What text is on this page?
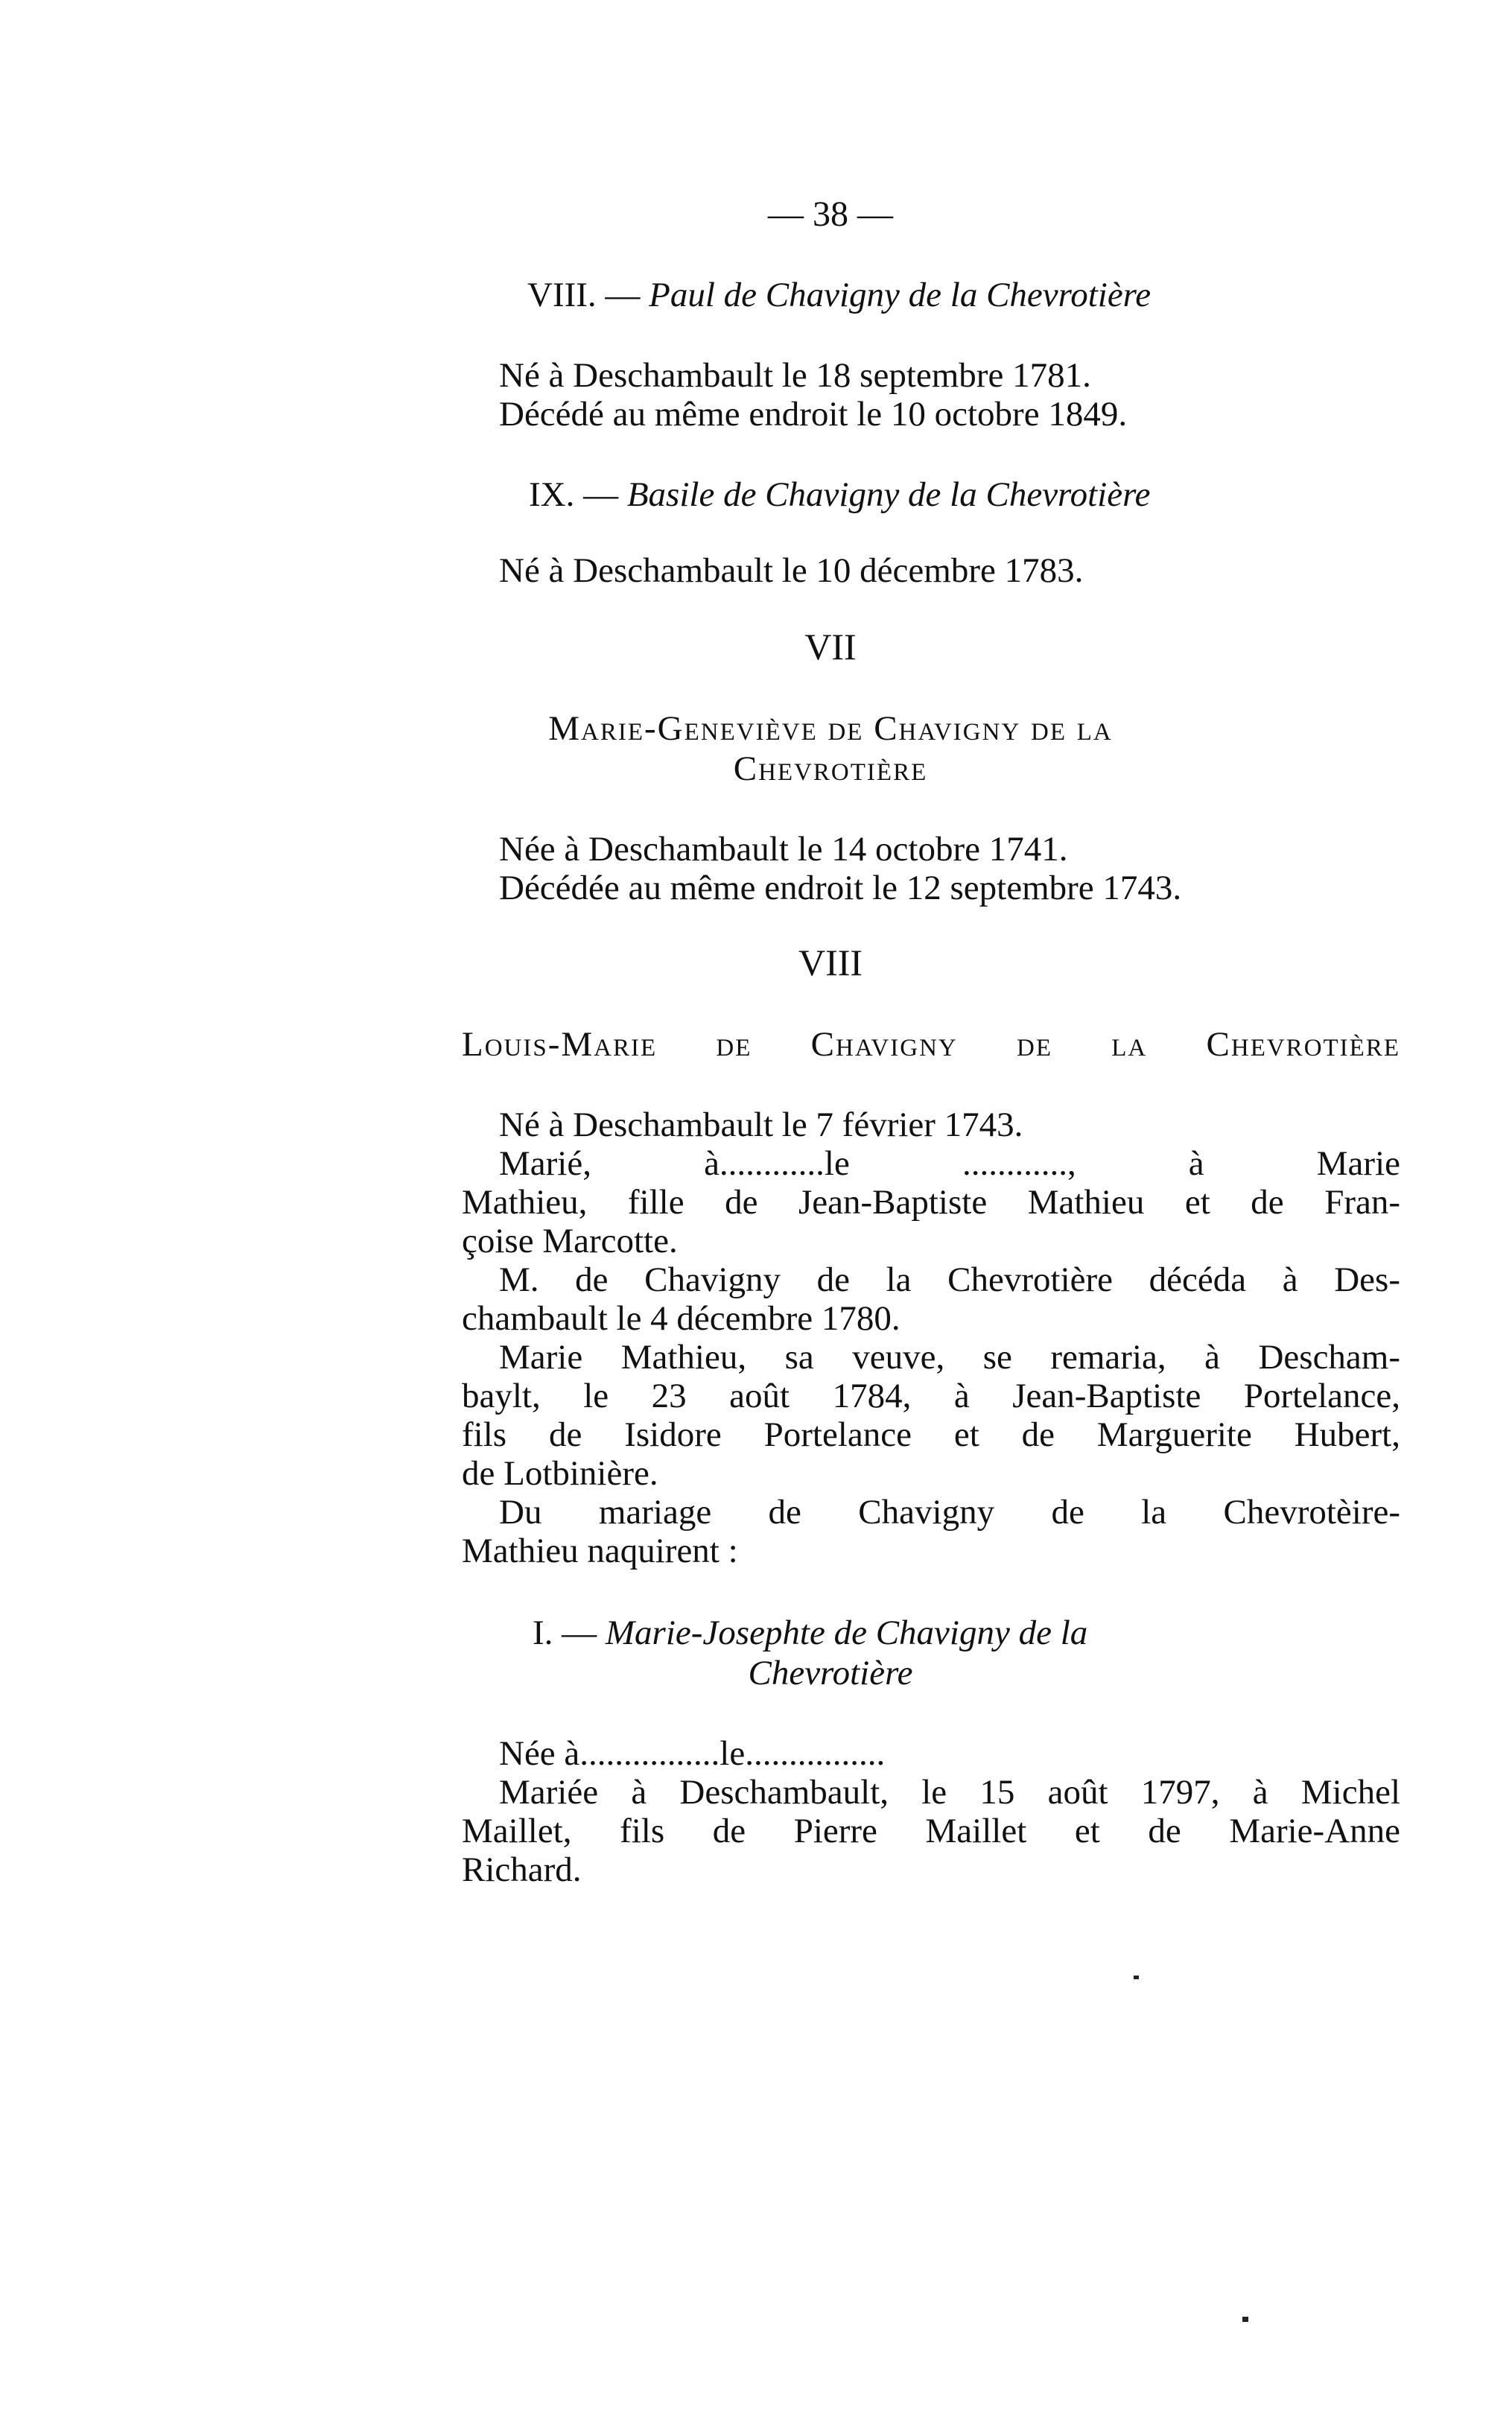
— 38 —

VIII. — Paul de Chavigny de la Chevrotière

Né à Deschambault le 18 septembre 1781.

Décédé au même endroit le 10 octobre 1849.

IX. — Basile de Chavigny de la Chevrotière

Né à Deschambault le 10 décembre 1783.

VII

Marie-Geneviève de Chavigny de la

Chevrotière

Née à Deschambault le 14 octobre 1741.

Décédée au même endroit le 12 septembre 1743.

VIII

Louis-Marie de Chavigny de la Chevrotière

Né à Deschambault le 7 février 1743.

Marié, à............le ............, à Marie

Mathieu, fille de Jean-Baptiste Mathieu et de Fran-

çoise Marcotte.

M. de Chavigny de la Chevrotière décéda à Des-

chambault le 4 décembre 1780.

Marie Mathieu, sa veuve, se remaria, à Descham-

baylt, le 23 août 1784, à Jean-Baptiste Portelance,

fils de Isidore Portelance et de Marguerite Hubert,

de Lotbinière.

Du mariage de Chavigny de la Chevrotèire-

Mathieu naquirent :

I. — Marie-Josephte de Chavigny de la

Chevrotière

Née à................le................

Mariée à Deschambault, le 15 août 1797, à Michel

Maillet, fils de Pierre Maillet et de Marie-Anne

Richard.
